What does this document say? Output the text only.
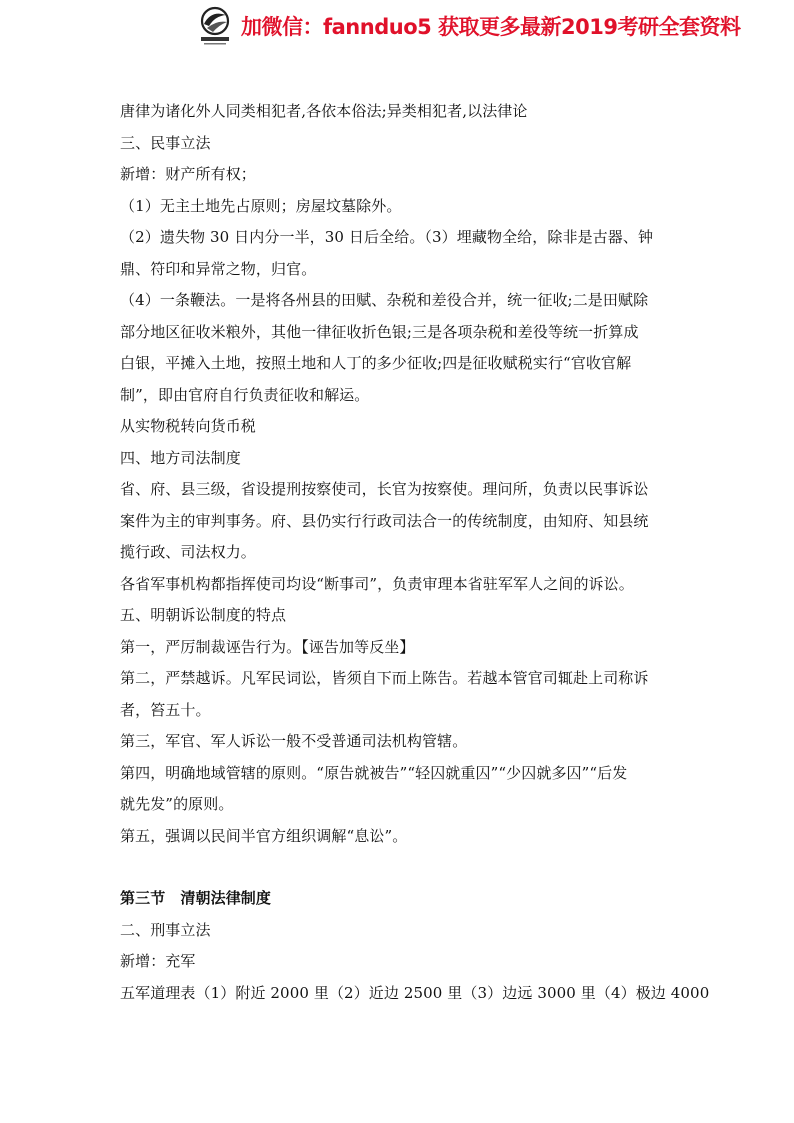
加微信：fannduo5 获取更多最新2019考研全套资料
唐律为诸化外人同类相犯者,各依本俗法;异类相犯者,以法律论
三、民事立法
新增：财产所有权；
（1）无主土地先占原则；房屋坟墓除外。
（2）遗失物 30 日内分一半，30 日后全给。（3）埋藏物全给，除非是古器、钟
鼎、符印和异常之物，归官。
（4）一条鞭法。一是将各州县的田赋、杂税和差役合并，统一征收;二是田赋除
部分地区征收米粮外，其他一律征收折色银;三是各项杂税和差役等统一折算成
白银，平摊入土地，按照土地和人丁的多少征收;四是征收赋税实行“官收官解
制”，即由官府自行负责征收和解运。
从实物税转向货币税
四、地方司法制度
省、府、县三级，省设提刑按察使司，长官为按察使。理问所，负责以民事诉讼
案件为主的审判事务。府、县仍实行行政司法合一的传统制度，由知府、知县统
揽行政、司法权力。
各省军事机构都指挥使司均设“断事司”，负责审理本省驻军军人之间的诉讼。
五、明朝诉讼制度的特点
第一，严厉制裁诬告行为。【诬告加等反坐】
第二，严禁越诉。凡军民词讼，皆须自下而上陈告。若越本管官司辄赴上司称诉
者，笞五十。
第三，军官、军人诉讼一般不受普通司法机构管辖。
第四，明确地域管辖的原则。“原告就被告”“轻囚就重囚”“少囚就多囚”“后发
就先发”的原则。
第五，强调以民间半官方组织调解“息讼”。
第三节　清朝法律制度
二、刑事立法
新增：充军
五军道理表（1）附近 2000 里（2）近边 2500 里（3）边远 3000 里（4）极边 4000
